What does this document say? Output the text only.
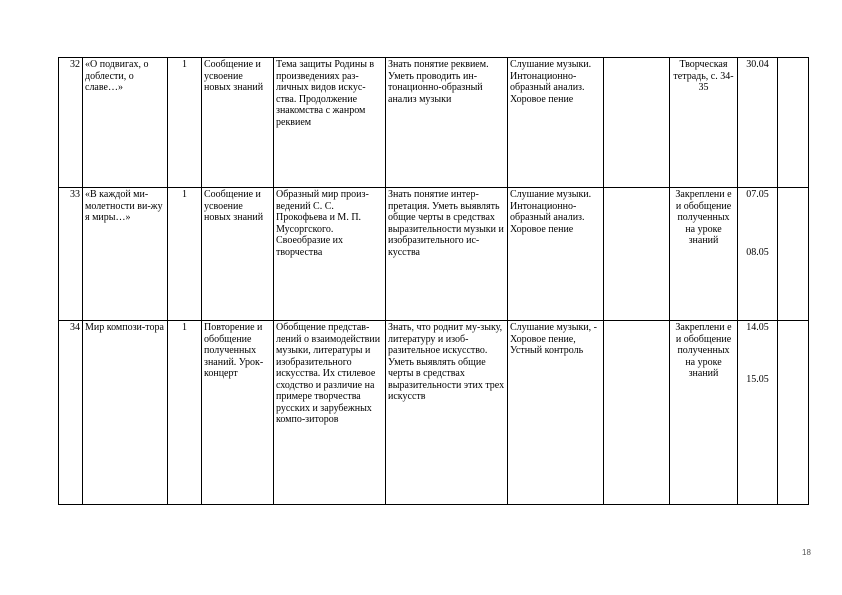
32	«О подвигах, о доблести, о славе…»	1	Сообщение и усвоение новых знаний	Тема защиты Родины в произведениях раз-личных видов искус-ства. Продолжение знакомства с жанром реквием	Знать понятие реквием. Уметь проводить ин-тонационно-образный анализ музыки	Слушание музыки. Интонационно-образный анализ. Хоровое пение		Творческая тетрадь, с. 34-35	30.04	

33	«В каждой ми-молетности ви-жу я миры…»	1	Сообщение и усвоение новых знаний	Образный мир произ-ведений С. С. Прокофьева и М. П. Мусоргского. Своеобразие их творчества	Знать понятие интер-претация. Уметь выявлять общие черты в средствах выразительности музыки и изобразительного ис-кусства	Слушание музыки. Интонационно-образный анализ. Хоровое пение		Закреплени е и обобщение полученных на уроке знаний	07.05
08.05	

34	Мир компози-тора	1	Повторение и обобщение полученных знаний. Урок-концерт	Обобщение представ-лений о взаимодействии музыки, литературы и изобразительного искусства. Их стилевое сходство и различие на примере творчества русских и зарубежных компо-зиторов	Знать, что роднит му-зыку, литературу и изоб- разительное искусство. Уметь выявлять общие черты в средствах выразительности этих трех искусств	Слушание музыки, - Хоровое пение, Устный контроль		Закреплени е и обобщение полученных на уроке знаний	14.05
15.05	

18
